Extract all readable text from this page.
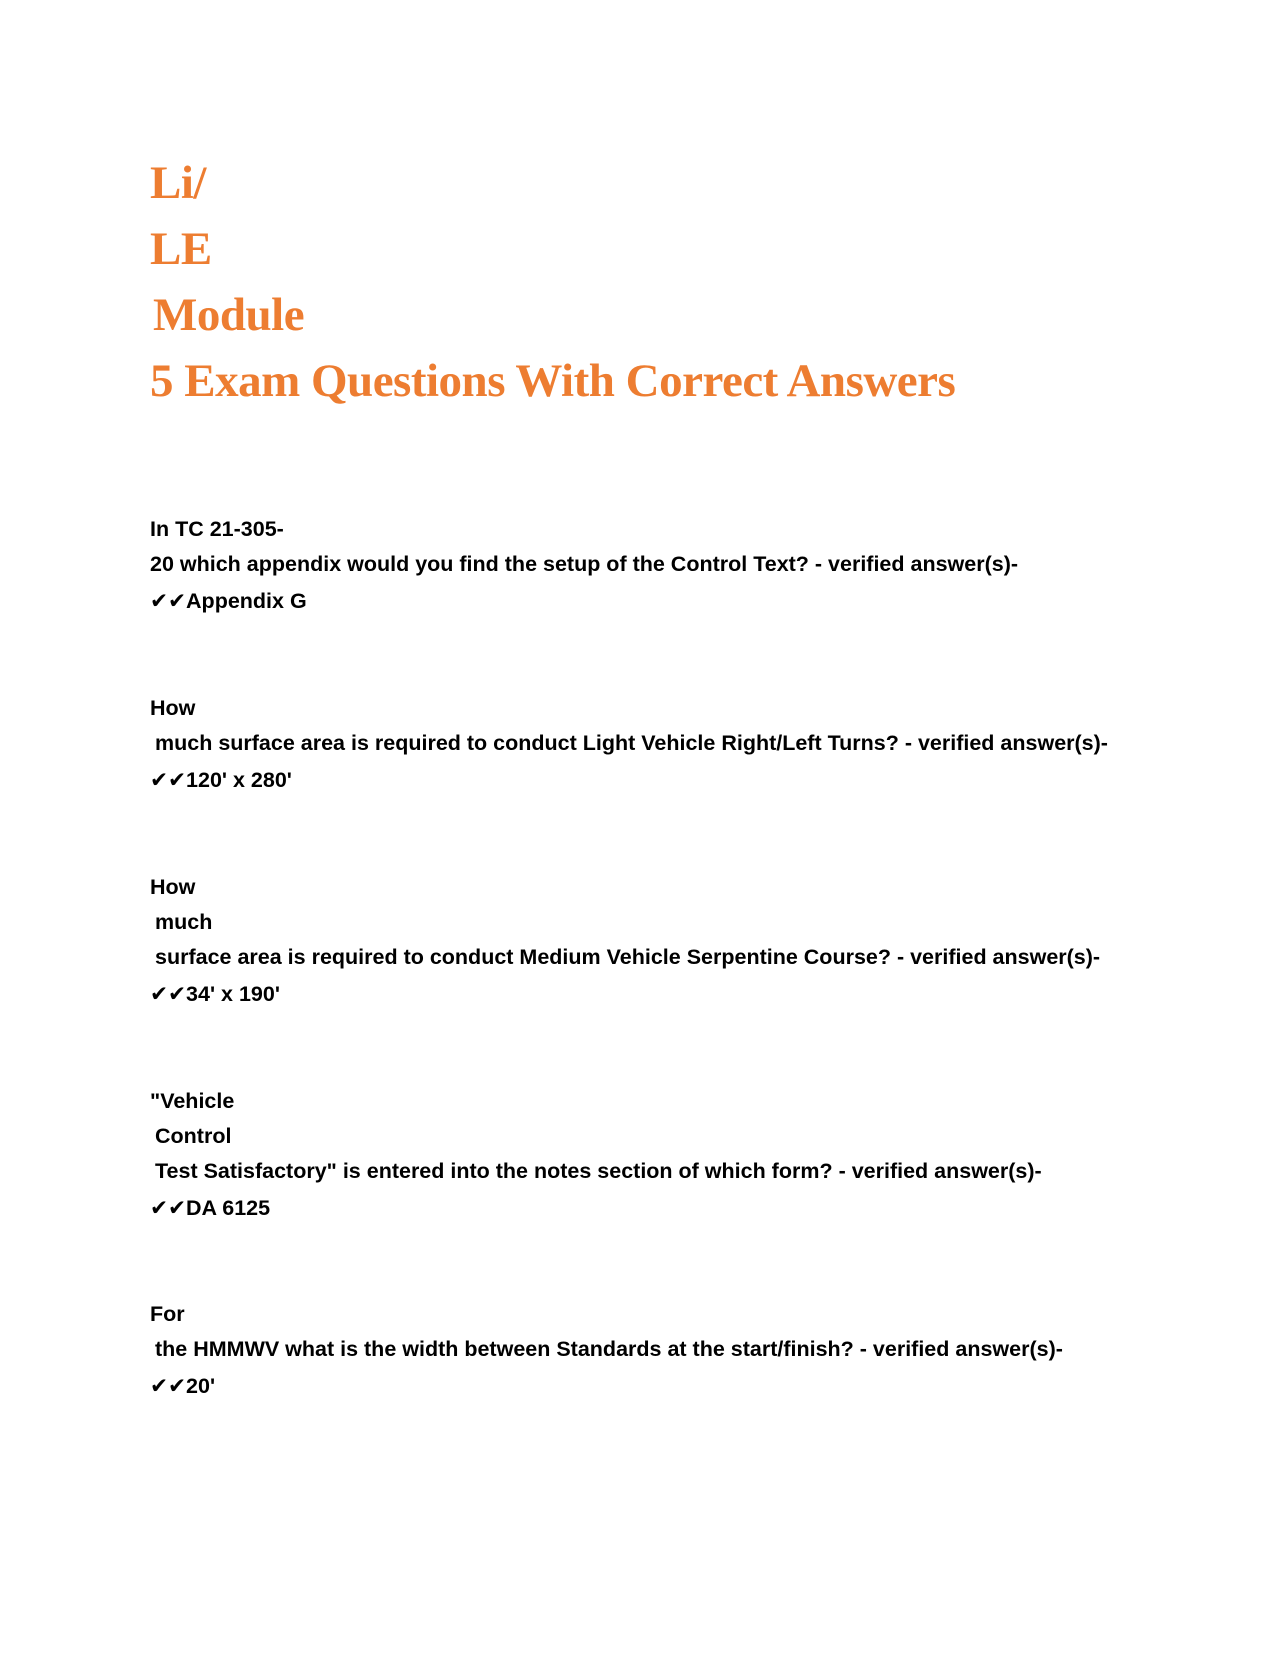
Li/
LE
Module
5 Exam Questions With Correct Answers
In TC 21-305-
20 which appendix would you find the setup of the Control Text? - verified answer(s)-
✔✔Appendix G
How
much surface area is required to conduct Light Vehicle Right/Left Turns? - verified answer(s)-
✔✔120' x 280'
How
much
surface area is required to conduct Medium Vehicle Serpentine Course? - verified answer(s)-
✔✔34' x 190'
"Vehicle
Control
Test Satisfactory" is entered into the notes section of which form? - verified answer(s)-
✔✔DA 6125
For
the HMMWV what is the width between Standards at the start/finish? - verified answer(s)-
✔✔20'
